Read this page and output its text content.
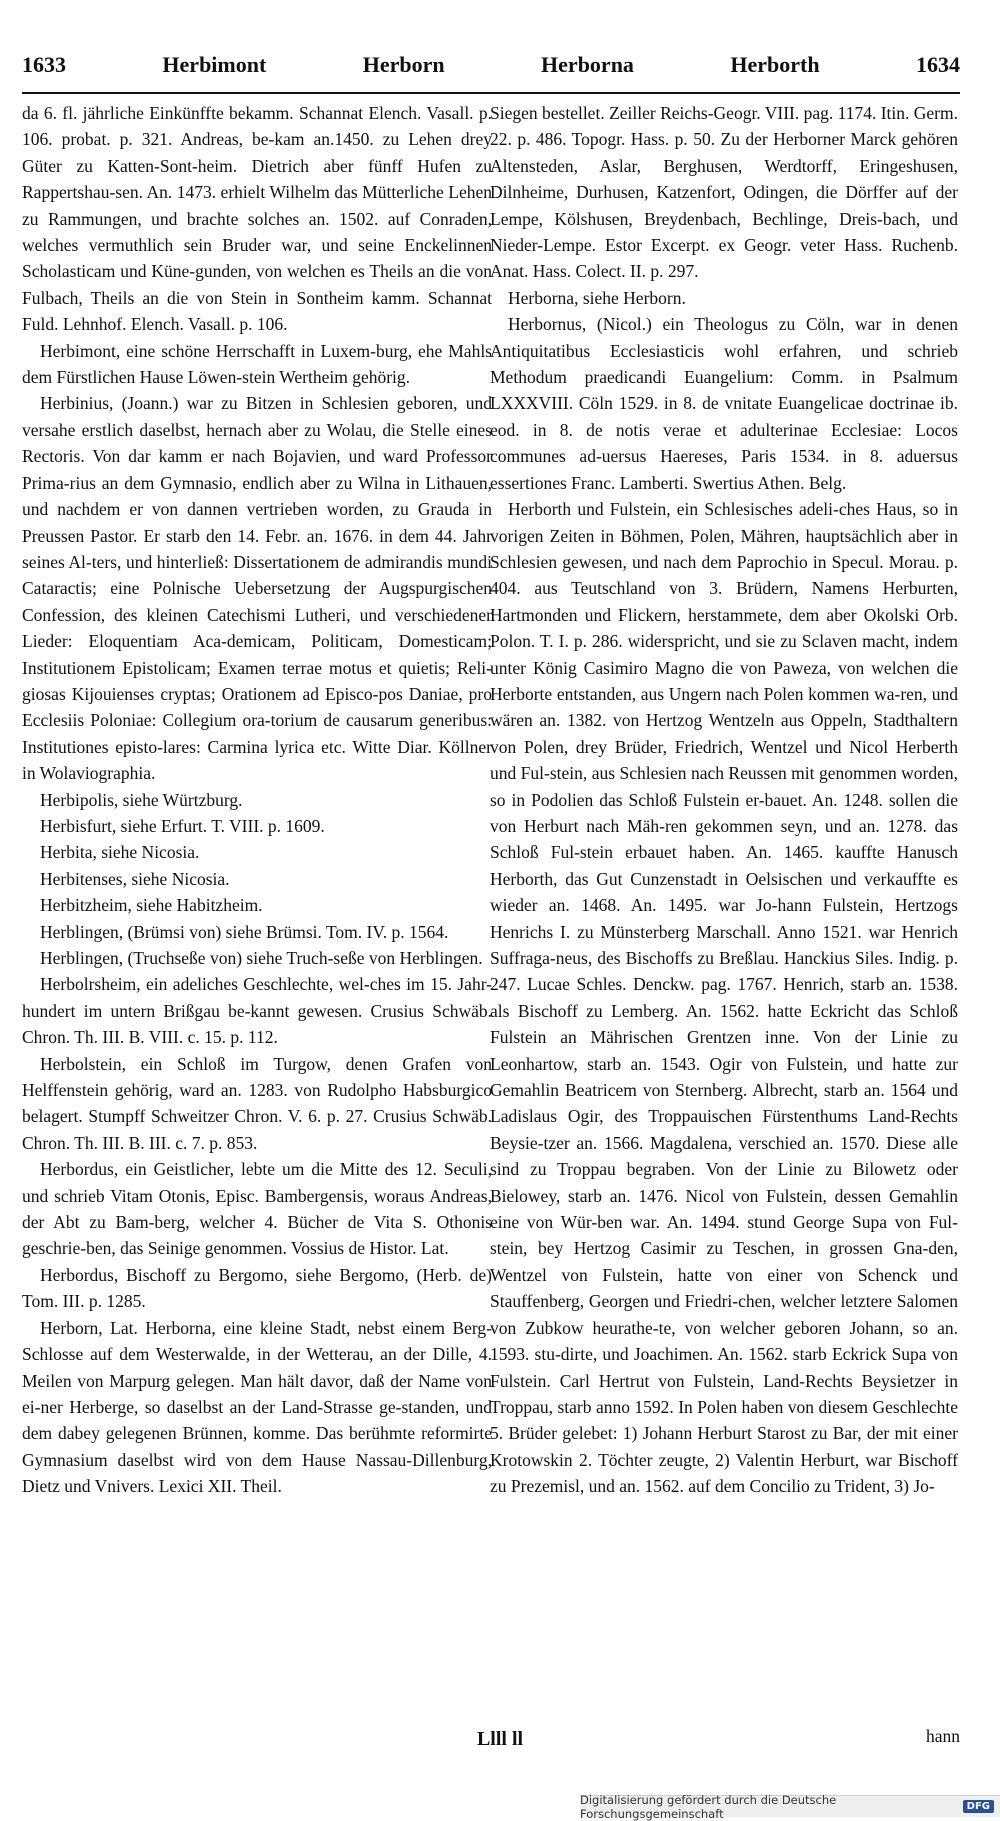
1633	Herbimont	Herborn	Herborna	Herborth	1634

da 6. fl. jährliche Einkünffte bekamm. Schannat Elench. Vasall. p. 106. probat. p. 321. Andreas, be-kam an.1450. zu Lehen drey Güter zu Katten-Sont-heim. Dietrich aber fünff Hufen zu Rappertshau-sen. An. 1473. erhielt Wilhelm das Mütterliche Lehen zu Rammungen, und brachte solches an. 1502. auf Conraden, welches vermuthlich sein Bruder war, und seine Enckelinnen Scholasticam und Küne-gunden, von welchen es Theils an die von Fulbach, Theils an die von Stein in Sontheim kamm. Schannat Fuld. Lehnhof. Elench. Vasall. p. 106.

Herbimont, eine schöne Herrschafft in Luxem-burg, ehe Mahls dem Fürstlichen Hause Löwen-stein Wertheim gehörig.

Herbinius, (Joann.) war zu Bitzen in Schlesien geboren, und versahe erstlich daselbst, hernach aber zu Wolau, die Stelle eines Rectoris. Von dar kamm er nach Bojavien, und ward Professor Prima-rius an dem Gymnasio, endlich aber zu Wilna in Lithauen, und nachdem er von dannen vertrieben worden, zu Grauda in Preussen Pastor. Er starb den 14. Febr. an. 1676. in dem 44. Jahr seines Al-ters, und hinterließ: Dissertationem de admirandis mundi Cataractis; eine Polnische Uebersetzung der Augspurgischen Confession, des kleinen Catechismi Lutheri, und verschiedener Lieder: Eloquentiam Aca-demicam, Politicam, Domesticam; Institutionem Epistolicam; Examen terrae motus et quietis; Reli-giosas Kijouienses cryptas; Orationem ad Episco-pos Daniae, pro Ecclesiis Poloniae: Collegium ora-torium de causarum generibus: Institutiones episto-lares: Carmina lyrica etc. Witte Diar. Köllner in Wolaviographia.

Herbipolis, siehe Würtzburg.

Herbisfurt, siehe Erfurt. T. VIII. p. 1609.

Herbita, siehe Nicosia.

Herbitenses, siehe Nicosia.

Herbitzheim, siehe Habitzheim.

Herblingen, (Brümsi von) siehe Brümsi. Tom. IV. p. 1564.

Herblingen, (Truchseße von) siehe Truch-seße von Herblingen.

Herbolrsheim, ein adeliches Geschlechte, wel-ches im 15. Jahr-hundert im untern Brißgau be-kannt gewesen. Crusius Schwäb. Chron. Th. III. B. VIII. c. 15. p. 112.

Herbolstein, ein Schloß im Turgow, denen Grafen von Helffenstein gehörig, ward an. 1283. von Rudolpho Habsburgico belagert. Stumpff Schweitzer Chron. V. 6. p. 27. Crusius Schwäb. Chron. Th. III. B. III. c. 7. p. 853.

Herbordus, ein Geistlicher, lebte um die Mitte des 12. Seculi, und schrieb Vitam Otonis, Episc. Bambergensis, woraus Andreas, der Abt zu Bam-berg, welcher 4. Bücher de Vita S. Othonis geschrie-ben, das Seinige genommen. Vossius de Histor. Lat.

Herbordus, Bischoff zu Bergomo, siehe Bergomo, (Herb. de) Tom. III. p. 1285.

Herborn, Lat. Herborna, eine kleine Stadt, nebst einem Berg-Schlosse auf dem Westerwalde, in der Wetterau, an der Dille, 4. Meilen von Marpurg gelegen. Man hält davor, daß der Name von ei-ner Herberge, so daselbst an der Land-Strasse ge-standen, und dem dabey gelegenen Brünnen, komme. Das berühmte reformirte Gymnasium daselbst wird von dem Hause Nassau-Dillenburg, Dietz und Vnivers. Lexici XII. Theil.

Siegen bestellet. Zeiller Reichs-Geogr. VIII. pag. 1174. Itin. Germ. 22. p. 486. Topogr. Hass. p. 50. Zu der Herborner Marck gehören Altensteden, Aslar, Berghusen, Werdtorff, Eringeshusen, Dilnheime, Durhusen, Katzenfort, Odingen, die Dörffer auf der Lempe, Kölshusen, Breydenbach, Bechlinge, Dreis-bach, und Nieder-Lempe. Estor Excerpt. ex Geogr. veter Hass. Ruchenb. Anat. Hass. Colect. II. p. 297.

Herborna, siehe Herborn.

Herbornus, (Nicol.) ein Theologus zu Cöln, war in denen Antiquitatibus Ecclesiasticis wohl erfahren, und schrieb Methodum praedicandi Euangelium: Comm. in Psalmum LXXXVIII. Cöln 1529. in 8. de vnitate Euangelicae doctrinae ib. eod. in 8. de notis verae et adulterinae Ecclesiae: Locos communes ad-uersus Haereses, Paris 1534. in 8. aduersus essertiones Franc. Lamberti. Swertius Athen. Belg.

Herborth und Fulstein, ein Schlesisches adeli-ches Haus, so in vorigen Zeiten in Böhmen, Polen, Mähren, hauptsächlich aber in Schlesien gewesen, und nach dem Paprochio in Specul. Morau. p. 404. aus Teutschland von 3. Brüdern, Namens Herburten, Hartmonden und Flickern, herstammete, dem aber Okolski Orb. Polon. T. I. p. 286. widerspricht, und sie zu Sclaven macht, indem unter König Casimiro Magno die von Paweza, von welchen die Herborte entstanden, aus Ungern nach Polen kommen wa-ren, und wären an. 1382. von Hertzog Wentzeln aus Oppeln, Stadthaltern von Polen, drey Brüder, Friedrich, Wentzel und Nicol Herberth und Ful-stein, aus Schlesien nach Reussen mit genommen worden, so in Podolien das Schloß Fulstein er-bauet. An. 1248. sollen die von Herburt nach Mäh-ren gekommen seyn, und an. 1278. das Schloß Ful-stein erbauet haben. An. 1465. kauffte Hanusch Herborth, das Gut Cunzenstadt in Oelsischen und verkauffte es wieder an. 1468. An. 1495. war Jo-hann Fulstein, Hertzogs Henrichs I. zu Münsterberg Marschall. Anno 1521. war Henrich Suffraga-neus, des Bischoffs zu Breßlau. Hanckius Siles. Indig. p. 247. Lucae Schles. Denckw. pag. 1767. Henrich, starb an. 1538. als Bischoff zu Lemberg. An. 1562. hatte Eckricht das Schloß Fulstein an Mährischen Grentzen inne. Von der Linie zu Leonhartow, starb an. 1543. Ogir von Fulstein, und hatte zur Gemahlin Beatricem von Sternberg. Albrecht, starb an. 1564 und Ladislaus Ogir, des Troppauischen Fürstenthums Land-Rechts Beysie-tzer an. 1566. Magdalena, verschied an. 1570. Diese alle sind zu Troppau begraben. Von der Linie zu Bilowetz oder Bielowey, starb an. 1476. Nicol von Fulstein, dessen Gemahlin eine von Wür-ben war. An. 1494. stund George Supa von Ful-stein, bey Hertzog Casimir zu Teschen, in grossen Gna-den, Wentzel von Fulstein, hatte von einer von Schenck und Stauffenberg, Georgen und Friedri-chen, welcher letztere Salomen von Zubkow heurathe-te, von welcher geboren Johann, so an. 1593. stu-dirte, und Joachimen. An. 1562. starb Eckrick Supa von Fulstein. Carl Hertrut von Fulstein, Land-Rechts Beysietzer in Troppau, starb anno 1592. In Polen haben von diesem Geschlechte 5. Brüder gelebet: 1) Johann Herburt Starost zu Bar, der mit einer Krotowskin 2. Töchter zeugte, 2) Valentin Herburt, war Bischoff zu Prezemisl, und an. 1562. auf dem Concilio zu Trident, 3) Jo-

Llll ll	hann
Digitalisierung gefördert durch die Deutsche Forschungsgemeinschaft	DFG
